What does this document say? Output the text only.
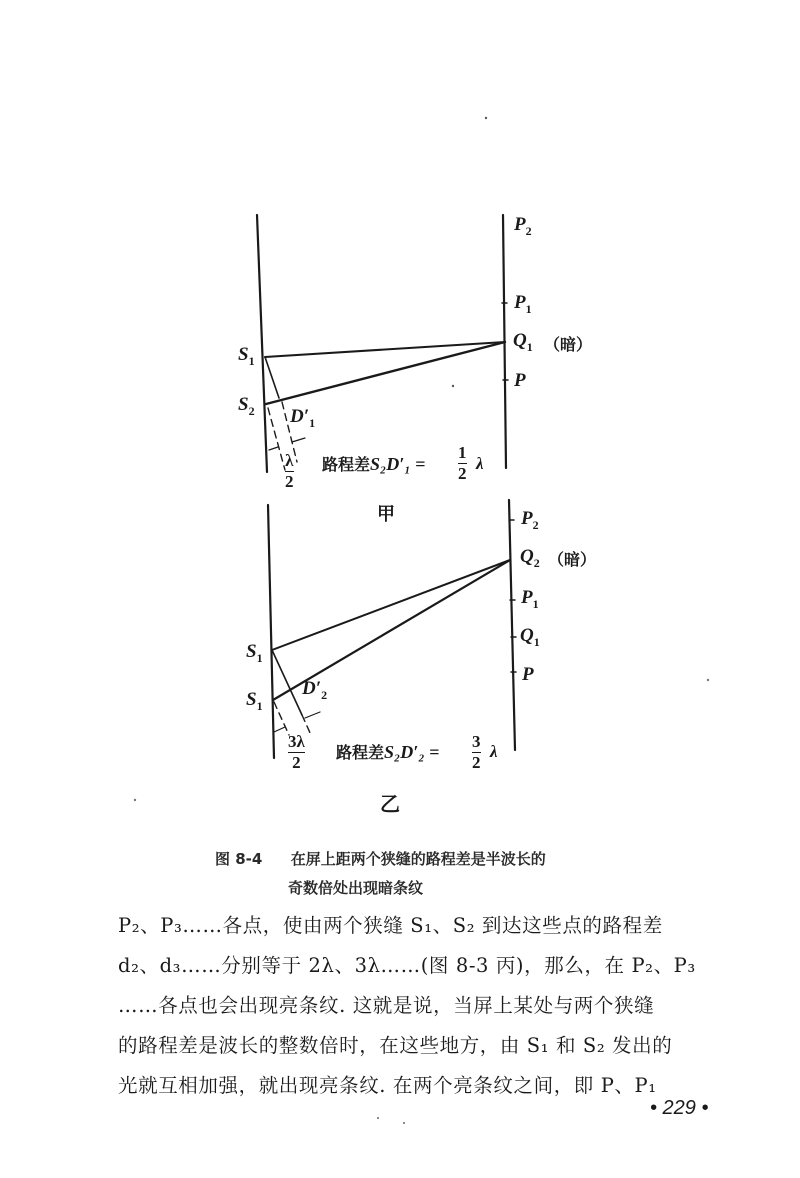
$P_2$
$P_1$
$Q_1$ （暗）
P
$S_1$
$S_2$ $D'_1$
λ
2
路程差S₂D′₁ =
1
2
λ
甲	$P_2$
$Q_2$ （暗）
$P_1$
$Q_1$
P
$S_1$
$S_1$
$D'_2$
3λ
2
路程差S₂D′₂ =
3
2
λ
乙
图 8-4 在屏上距两个狭缝的路程差是半波长的
奇数倍处出现暗条纹
P₂、P₃……各点，使由两个狭缝 S₁、S₂ 到达这些点的路程差
d₂、d₃……分别等于 2λ、3λ……(图 8-3 丙)，那么，在 P₂、P₃
……各点也会出现亮条纹. 这就是说，当屏上某处与两个狭缝
的路程差是波长的整数倍时，在这些地方，由 S₁ 和 S₂ 发出的
光就互相加强，就出现亮条纹. 在两个亮条纹之间，即 P、P₁
• 229 •
